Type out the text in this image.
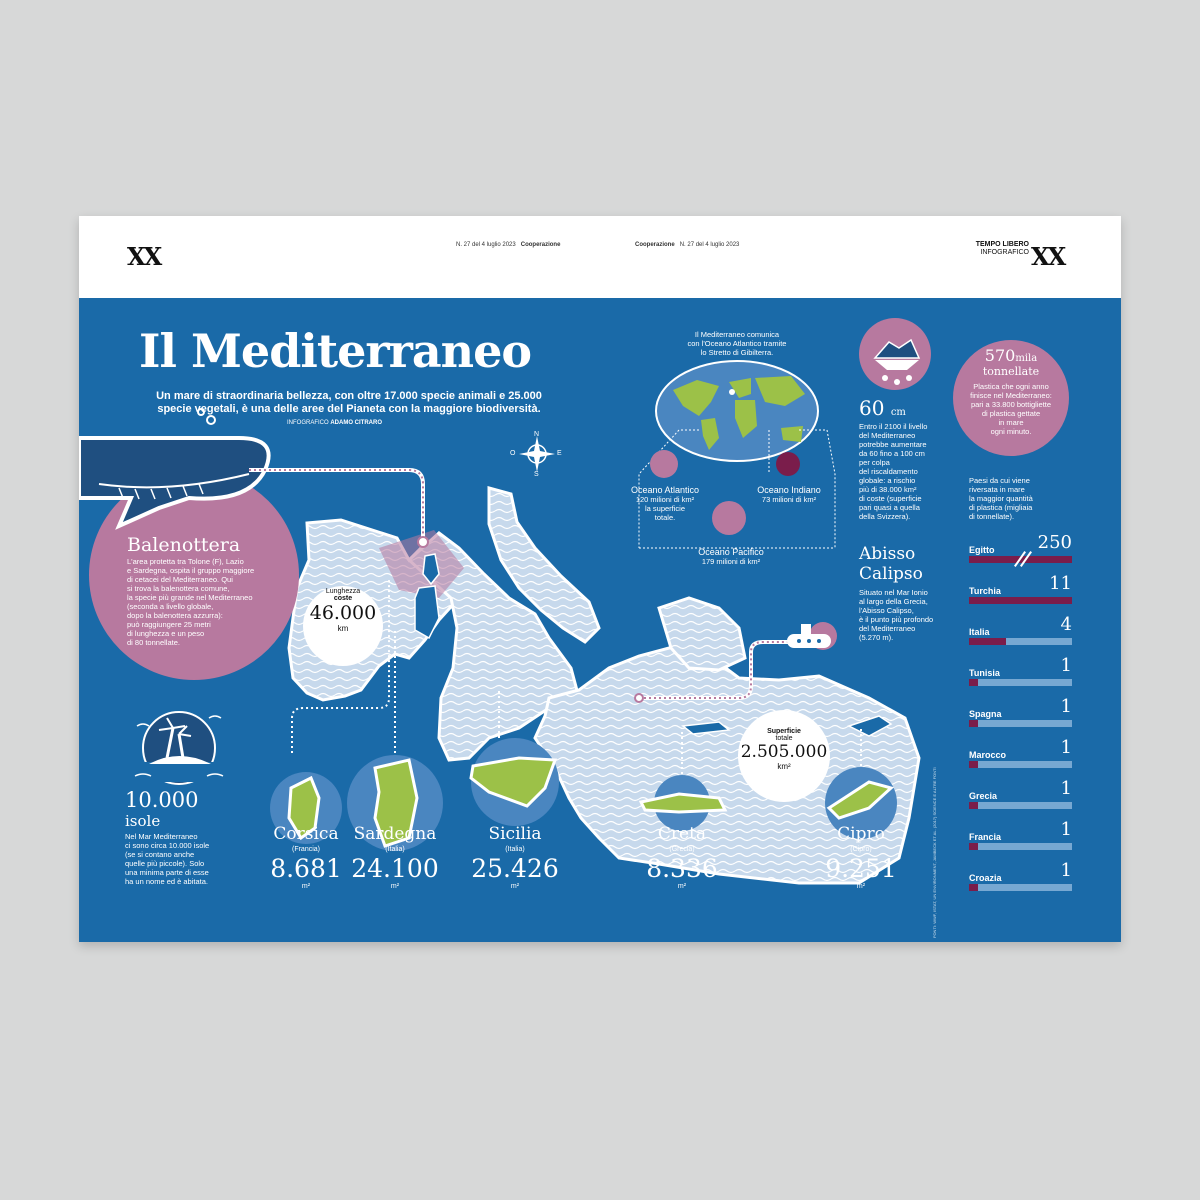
XX	N. 27 del 4 luglio 2023 Cooperazione	Cooperazione N. 27 del 4 luglio 2023	TEMPO LIBERO
INFOGRAFICO XX
Il Mediterraneo
Un mare di straordinaria bellezza, con oltre 17.000 specie animali e 25.000
specie vegetali, è una delle aree del Pianeta con la maggiore biodiversità.
INFOGRAFICO ADAMO CITRARO
N
S
E
O
Balenottera
L'area protetta tra Tolone (F), Lazio
e Sardegna, ospita il gruppo maggiore
di cetacei del Mediterraneo. Qui
si trova la balenottera comune,
la specie più grande nel Mediterraneo
(seconda a livello globale,
dopo la balenottera azzurra):
può raggiungere 25 metri
di lunghezza e un peso
di 80 tonnellate.
Lunghezza
coste
46.000
km
Superficie
totale
2.505.000
km²
10.000
isole
Nel Mar Mediterraneo
ci sono circa 10.000 isole
(se si contano anche
quelle più piccole). Solo
una minima parte di esse
ha un nome ed è abitata.
Corsica
(Francia)
8.681
m²
Sardegna
(Italia)
24.100
m²
Sicilia
(Italia)
25.426
m²
Creta
(Grecia)
8.336
m²
Cipro
(Cipro)
9.251
m²
Il Mediterraneo comunica
con l'Oceano Atlantico tramite
lo Stretto di Gibilterra.
Oceano Atlantico
120 milioni di km²
la superficie
totale.
Oceano Indiano
73 milioni di km²
Oceano Pacifico
179 milioni di km²
60 cm
Entro il 2100 il livello
del Mediterraneo
potrebbe aumentare
da 60 fino a 100 cm
per colpa
del riscaldamento
globale: a rischio
più di 38.000 km²
di coste (superficie
pari quasi a quella
della Svizzera).
Abisso
Calipso
Situato nel Mar Ionio
al largo della Grecia,
l'Abisso Calipso,
è il punto più profondo
del Mediterraneo
(5.270 m).
570mila
tonnellate
Plastica che ogni anno
finisce nel Mediterraneo:
pari a 33.800 bottigliette
di plastica gettate
in mare
ogni minuto.
Paesi da cui viene
riversata in mare
la maggior quantità
di plastica (migliaia
di tonnellate).
Egitto 250
Turchia	11
Italia	4
Tunisia	1
Spagna	1
Marocco	1
Grecia	1
Francia	1
Croazia	1
FONTI: WWF, ISTAT, UN ENVIRONMENT, JAMBECK ET AL. (2017) SCIENCE E ALTRE FONTI
